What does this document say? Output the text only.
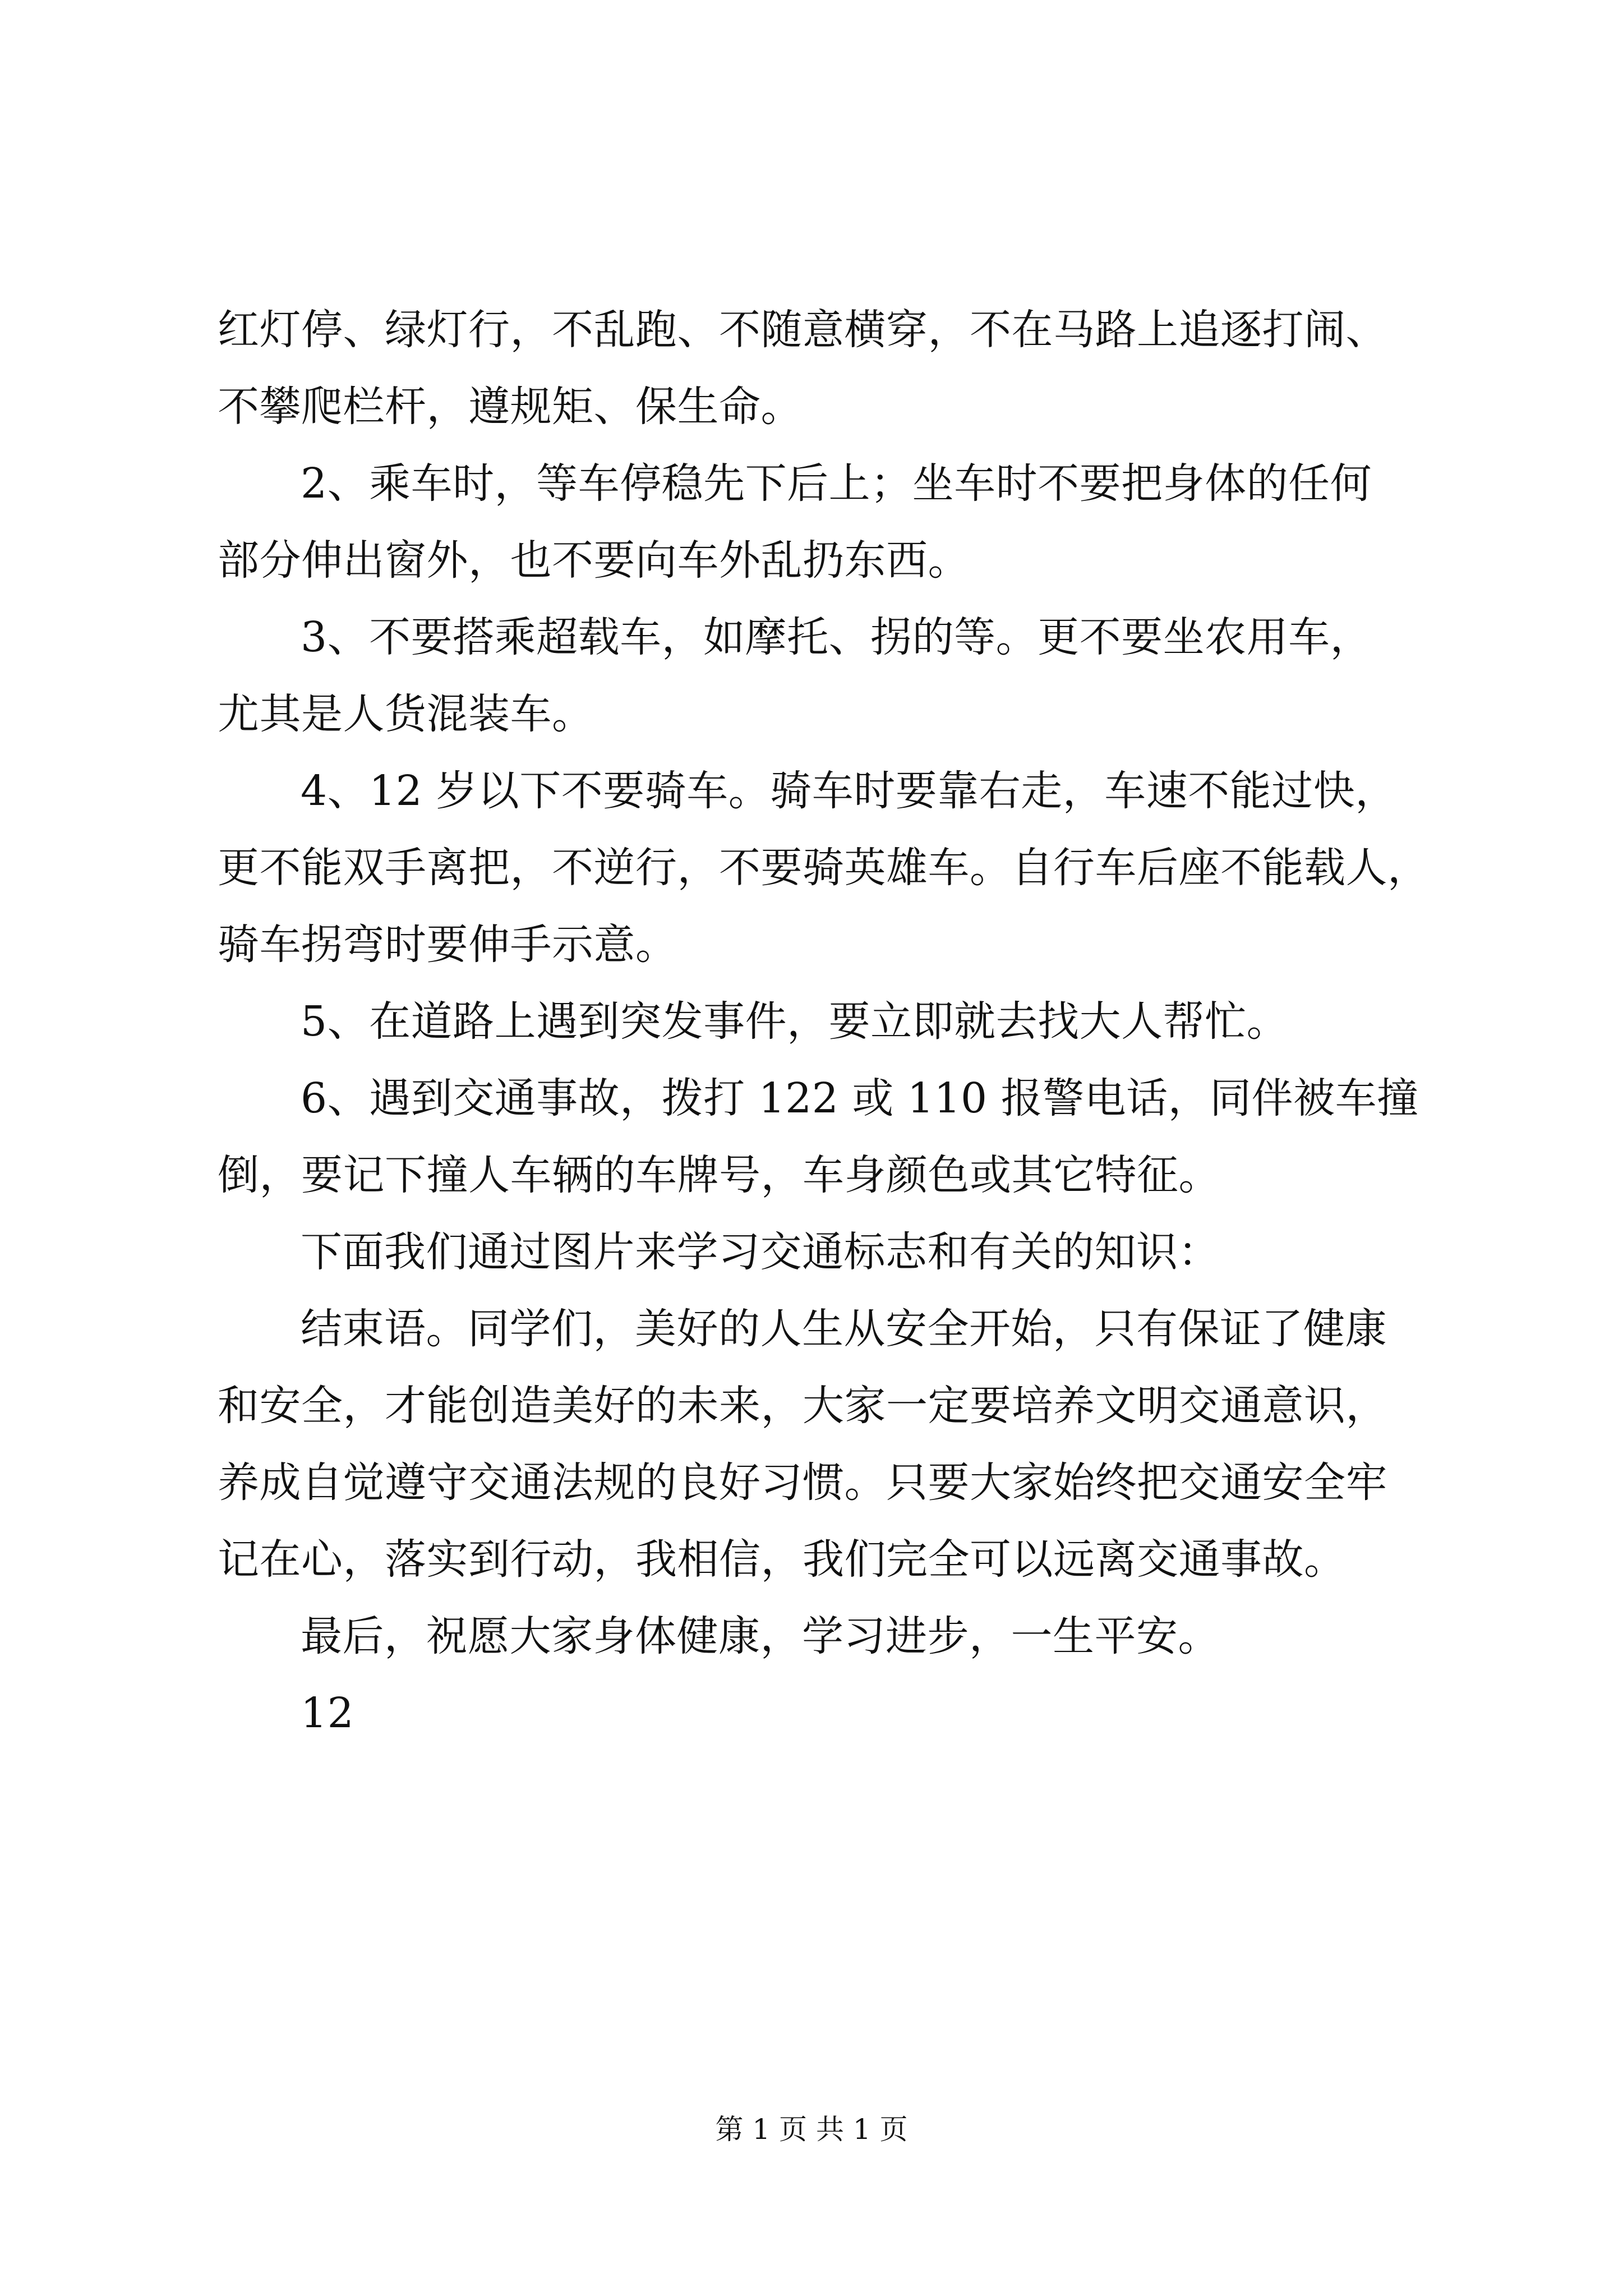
红灯停、绿灯行，不乱跑、不随意横穿，不在马路上追逐打闹、
不攀爬栏杆，遵规矩、保生命。
2、乘车时，等车停稳先下后上；坐车时不要把身体的任何
部分伸出窗外，也不要向车外乱扔东西。
3、不要搭乘超载车，如摩托、拐的等。更不要坐农用车，
尤其是人货混装车。
4、12 岁以下不要骑车。骑车时要靠右走，车速不能过快，
更不能双手离把，不逆行，不要骑英雄车。自行车后座不能载人，
骑车拐弯时要伸手示意。
5、在道路上遇到突发事件，要立即就去找大人帮忙。
6、遇到交通事故，拨打 122 或 110 报警电话，同伴被车撞
倒，要记下撞人车辆的车牌号，车身颜色或其它特征。
下面我们通过图片来学习交通标志和有关的知识：
结束语。同学们，美好的人生从安全开始，只有保证了健康
和安全，才能创造美好的未来，大家一定要培养文明交通意识，
养成自觉遵守交通法规的良好习惯。只要大家始终把交通安全牢
记在心，落实到行动，我相信，我们完全可以远离交通事故。
最后，祝愿大家身体健康，学习进步，一生平安。
12
第 1 页 共 1 页
